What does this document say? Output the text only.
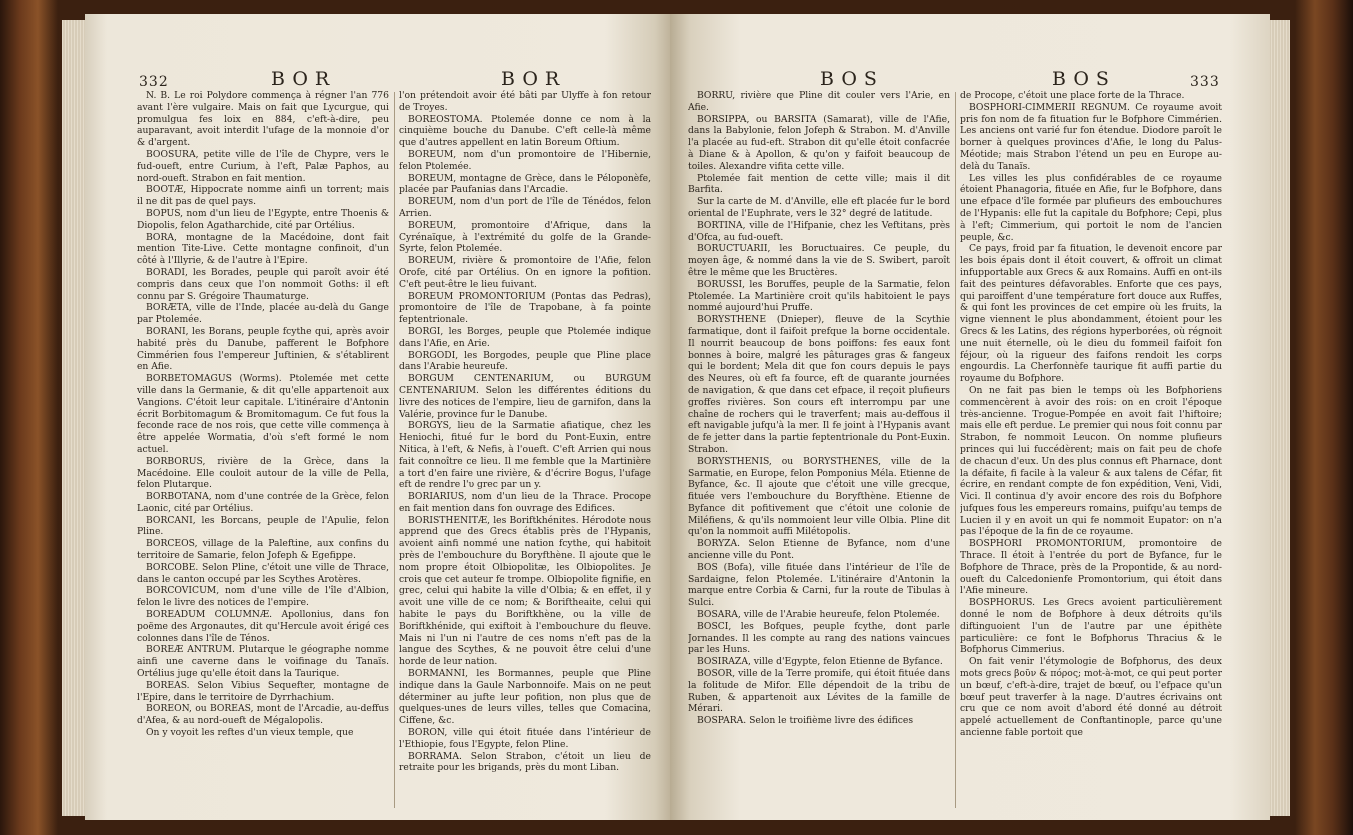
332	BOR	BOR

N. B. Le roi Polydore commença à régner l'an 776 avant l'ère vulgaire. Mais on fait que Lycurgue, qui promulgua fes loix en 884, c'eft-à-dire, peu auparavant, avoit interdit l'ufage de la monnoie d'or & d'argent.

BOOSURA, petite ville de l'île de Chypre, vers le fud-oueft, entre Curium, à l'eft, Palæ Paphos, au nord-oueft. Strabon en fait mention.

BOOTÆ, Hippocrate nomme ainfi un torrent; mais il ne dit pas de quel pays.

BOPUS, nom d'un lieu de l'Egypte, entre Thoenis & Diopolis, felon Agatharchide, cité par Ortélius.

BORA, montagne de la Macédoine, dont fait mention Tite-Live. Cette montagne confinoit, d'un côté à l'Illyrie, & de l'autre à l'Epire.

BORADI, les Borades, peuple qui paroît avoir été compris dans ceux que l'on nommoit Goths: il eft connu par S. Grégoire Thaumaturge.

BORÆTA, ville de l'Inde, placée au-delà du Gange par Ptolemée.

BORANI, les Borans, peuple fcythe qui, après avoir habité près du Danube, pafferent le Bofphore Cimmérien fous l'empereur Juftinien, & s'établirent en Afie.

BORBETOMAGUS (Worms). Ptolemée met cette ville dans la Germanie, & dit qu'elle appartenoit aux Vangions. C'étoit leur capitale. L'itinéraire d'Antonin écrit Borbitomagum & Bromitomagum. Ce fut fous la feconde race de nos rois, que cette ville commença à être appelée Wormatia, d'où s'eft formé le nom actuel.

BORBORUS, rivière de la Grèce, dans la Macédoine. Elle couloit autour de la ville de Pella, felon Plutarque.

BORBOTANA, nom d'une contrée de la Grèce, felon Laonic, cité par Ortélius.

BORCANI, les Borcans, peuple de l'Apulie, felon Pline.

BORCEOS, village de la Paleftine, aux confins du territoire de Samarie, felon Jofeph & Egefippe.

BORCOBE. Selon Pline, c'étoit une ville de Thrace, dans le canton occupé par les Scythes Arotères.

BORCOVICUM, nom d'une ville de l'île d'Albion, felon le livre des notices de l'empire.

BOREADUM COLUMNÆ. Apollonius, dans fon poëme des Argonautes, dit qu'Hercule avoit érigé ces colonnes dans l'île de Ténos.

BOREÆ ANTRUM. Plutarque le géographe nomme ainfi une caverne dans le voifinage du Tanaïs. Ortélius juge qu'elle étoit dans la Taurique.

BOREAS. Selon Vibius Sequefter, montagne de l'Epire, dans le territoire de Dyrrhachium.

BOREON, ou BOREAS, mont de l'Arcadie, au-deffus d'Afea, & au nord-oueft de Mégalopolis.

On y voyoit les reftes d'un vieux temple, que

l'on prétendoit avoir été bâti par Ulyffe à fon retour de Troyes.

BOREOSTOMA. Ptolemée donne ce nom à la cinquième bouche du Danube. C'eft celle-là même que d'autres appellent en latin Boreum Oftium.

BOREUM, nom d'un promontoire de l'Hibernie, felon Ptolemée.

BOREUM, montagne de Grèce, dans le Péloponèfe, placée par Paufanias dans l'Arcadie.

BOREUM, nom d'un port de l'île de Ténédos, felon Arrien.

BOREUM, promontoire d'Afrique, dans la Cyrénaïque, à l'extrémité du golfe de la Grande-Syrte, felon Ptolemée.

BOREUM, rivière & promontoire de l'Afie, felon Orofe, cité par Ortélius. On en ignore la pofition. C'eft peut-être le lieu fuivant.

BOREUM PROMONTORIUM (Pontas das Pedras), promontoire de l'île de Trapobane, à fa pointe feptentrionale.

BORGI, les Borges, peuple que Ptolemée indique dans l'Afie, en Arie.

BORGODI, les Borgodes, peuple que Pline place dans l'Arabie heureufe.

BORGUM CENTENARIUM, ou BURGUM CENTENARIUM. Selon les différentes éditions du livre des notices de l'empire, lieu de garnifon, dans la Valérie, province fur le Danube.

BORGYS, lieu de la Sarmatie afiatique, chez les Heniochi, fitué fur le bord du Pont-Euxin, entre Nitica, à l'eft, & Nefis, à l'oueft. C'eft Arrien qui nous fait connoître ce lieu. Il me femble que la Martinière a tort d'en faire une rivière, & d'écrire Bogus, l'ufage eft de rendre l'υ grec par un y.

BORIARIUS, nom d'un lieu de la Thrace. Procope en fait mention dans fon ouvrage des Edifices.

BORISTHENITÆ, les Boriftkhénites. Hérodote nous apprend que des Grecs établis près de l'Hypanis, avoient ainfi nommé une nation fcythe, qui habitoit près de l'embouchure du Boryfthène. Il ajoute que le nom propre étoit Olbiopolitæ, les Olbiopolites. Je crois que cet auteur fe trompe. Olbiopolite fignifie, en grec, celui qui habite la ville d'Olbia; & en effet, il y avoit une ville de ce nom; & Boriftheaite, celui qui habite le pays du Boriftkhène, ou la ville de Boriftkhénide, qui exiftoit à l'embouchure du fleuve. Mais ni l'un ni l'autre de ces noms n'eft pas de la langue des Scythes, & ne pouvoit être celui d'une horde de leur nation.

BORMANNI, les Bormannes, peuple que Pline indique dans la Gaule Narbonnoife. Mais on ne peut déterminer au jufte leur pofition, non plus que de quelques-unes de leurs villes, telles que Comacina, Ciffene, &c.

BORON, ville qui étoit fituée dans l'intérieur de l'Ethiopie, fous l'Egypte, felon Pline.

BORRAMA. Selon Strabon, c'étoit un lieu de retraite pour les brigands, près du mont Liban.

BOS	BOS	333

BORRU, rivière que Pline dit couler vers l'Arie, en Afie.

BORSIPPA, ou BARSITA (Samarat), ville de l'Afie, dans la Babylonie, felon Jofeph & Strabon. M. d'Anville l'a placée au fud-eft. Strabon dit qu'elle étoit confacrée à Diane & à Apollon, & qu'on y faifoit beaucoup de toiles. Alexandre vifita cette ville.

Ptolemée fait mention de cette ville; mais il dit Barfita.

Sur la carte de M. d'Anville, elle eft placée fur le bord oriental de l'Euphrate, vers le 32° degré de latitude.

BORTINA, ville de l'Hifpanie, chez les Veftitans, près d'Ofca, au fud-oueft.

BORUCTUARII, les Boructuaires. Ce peuple, du moyen âge, & nommé dans la vie de S. Swibert, paroît être le même que les Bructères.

BORUSSI, les Boruffes, peuple de la Sarmatie, felon Ptolemée. La Martinière croit qu'ils habitoient le pays nommé aujourd'hui Pruffe.

BORYSTHENE (Dnieper), fleuve de la Scythie farmatique, dont il faifoit prefque la borne occidentale. Il nourrit beaucoup de bons poiffons: fes eaux font bonnes à boire, malgré les pâturages gras & fangeux qui le bordent; Mela dit que fon cours depuis le pays des Neures, où eft fa fource, eft de quarante journées de navigation, & que dans cet efpace, il reçoit plufieurs groffes rivières. Son cours eft interrompu par une chaîne de rochers qui le traverfent; mais au-deffous il eft navigable jufqu'à la mer. Il fe joint à l'Hypanis avant de fe jetter dans la partie feptentrionale du Pont-Euxin. Strabon.

BORYSTHENIS, ou BORYSTHENES, ville de la Sarmatie, en Europe, felon Pomponius Méla. Etienne de Byfance, &c. Il ajoute que c'étoit une ville grecque, fituée vers l'embouchure du Boryfthène. Etienne de Byfance dit pofitivement que c'étoit une colonie de Miléfiens, & qu'ils nommoient leur ville Olbia. Pline dit qu'on la nommoit auffi Milétopolis.

BORYZA. Selon Etienne de Byfance, nom d'une ancienne ville du Pont.

BOS (Bofa), ville fituée dans l'intérieur de l'île de Sardaigne, felon Ptolemée. L'itinéraire d'Antonin la marque entre Corbia & Carni, fur la route de Tibulas à Sulci.

BOSARA, ville de l'Arabie heureufe, felon Ptolemée.

BOSCI, les Bofques, peuple fcythe, dont parle Jornandes. Il les compte au rang des nations vaincues par les Huns.

BOSIRAZA, ville d'Egypte, felon Etienne de Byfance.

BOSOR, ville de la Terre promife, qui étoit fituée dans la folitude de Mifor. Elle dépendoit de la tribu de Ruben, & appartenoit aux Lévites de la famille de Mérari.

BOSPARA. Selon le troifième livre des édifices

de Procope, c'étoit une place forte de la Thrace.

BOSPHORI-CIMMERII REGNUM. Ce royaume avoit pris fon nom de fa fituation fur le Bofphore Cimmérien. Les anciens ont varié fur fon étendue. Diodore paroît le borner à quelques provinces d'Afie, le long du Palus-Méotide; mais Strabon l'étend un peu en Europe au-delà du Tanaïs.

Les villes les plus confidérables de ce royaume étoient Phanagoria, fituée en Afie, fur le Bofphore, dans une efpace d'île formée par plufieurs des embouchures de l'Hypanis: elle fut la capitale du Bofphore; Cepi, plus à l'eft; Cimmerium, qui portoit le nom de l'ancien peuple, &c.

Ce pays, froid par fa fituation, le devenoit encore par les bois épais dont il étoit couvert, & offroit un climat infupportable aux Grecs & aux Romains. Auffi en ont-ils fait des peintures défavorables. Enforte que ces pays, qui paroiffent d'une température fort douce aux Ruffes, & qui font les provinces de cet empire où les fruits, la vigne viennent le plus abondamment, étoient pour les Grecs & les Latins, des régions hyperborées, où régnoit une nuit éternelle, où le dieu du fommeil faifoit fon féjour, où la rigueur des faifons rendoit les corps engourdis. La Cherfonnèfe taurique fit auffi partie du royaume du Bofphore.

On ne fait pas bien le temps où les Bofphoriens commencèrent à avoir des rois: on en croit l'époque très-ancienne. Trogue-Pompée en avoit fait l'hiftoire; mais elle eft perdue. Le premier qui nous foit connu par Strabon, fe nommoit Leucon. On nomme plufieurs princes qui lui fuccédèrent; mais on fait peu de chofe de chacun d'eux. Un des plus connus eft Pharnace, dont la défaite, fi facile à la valeur & aux talens de Céfar, fit écrire, en rendant compte de fon expédition, Veni, Vidi, Vici. Il continua d'y avoir encore des rois du Bofphore jufques fous les empereurs romains, puifqu'au temps de Lucien il y en avoit un qui fe nommoit Eupator: on n'a pas l'époque de la fin de ce royaume.

BOSPHORI PROMONTORIUM, promontoire de Thrace. Il étoit à l'entrée du port de Byfance, fur le Bofphore de Thrace, près de la Propontide, & au nord-oueft du Calcedonienfe Promontorium, qui étoit dans l'Afie mineure.

BOSPHORUS. Les Grecs avoient particulièrement donné le nom de Bofphore à deux détroits qu'ils diftinguoient l'un de l'autre par une épithète particulière: ce font le Bofphorus Thracius & le Bofphorus Cimmerius.

On fait venir l'étymologie de Bofphorus, des deux mots grecs βοῦν & πόρος; mot-à-mot, ce qui peut porter un bœuf, c'eft-à-dire, trajet de bœuf, ou l'efpace qu'un bœuf peut traverfer à la nage. D'autres écrivains ont cru que ce nom avoit d'abord été donné au détroit appelé actuellement de Conftantinople, parce qu'une ancienne fable portoit que
